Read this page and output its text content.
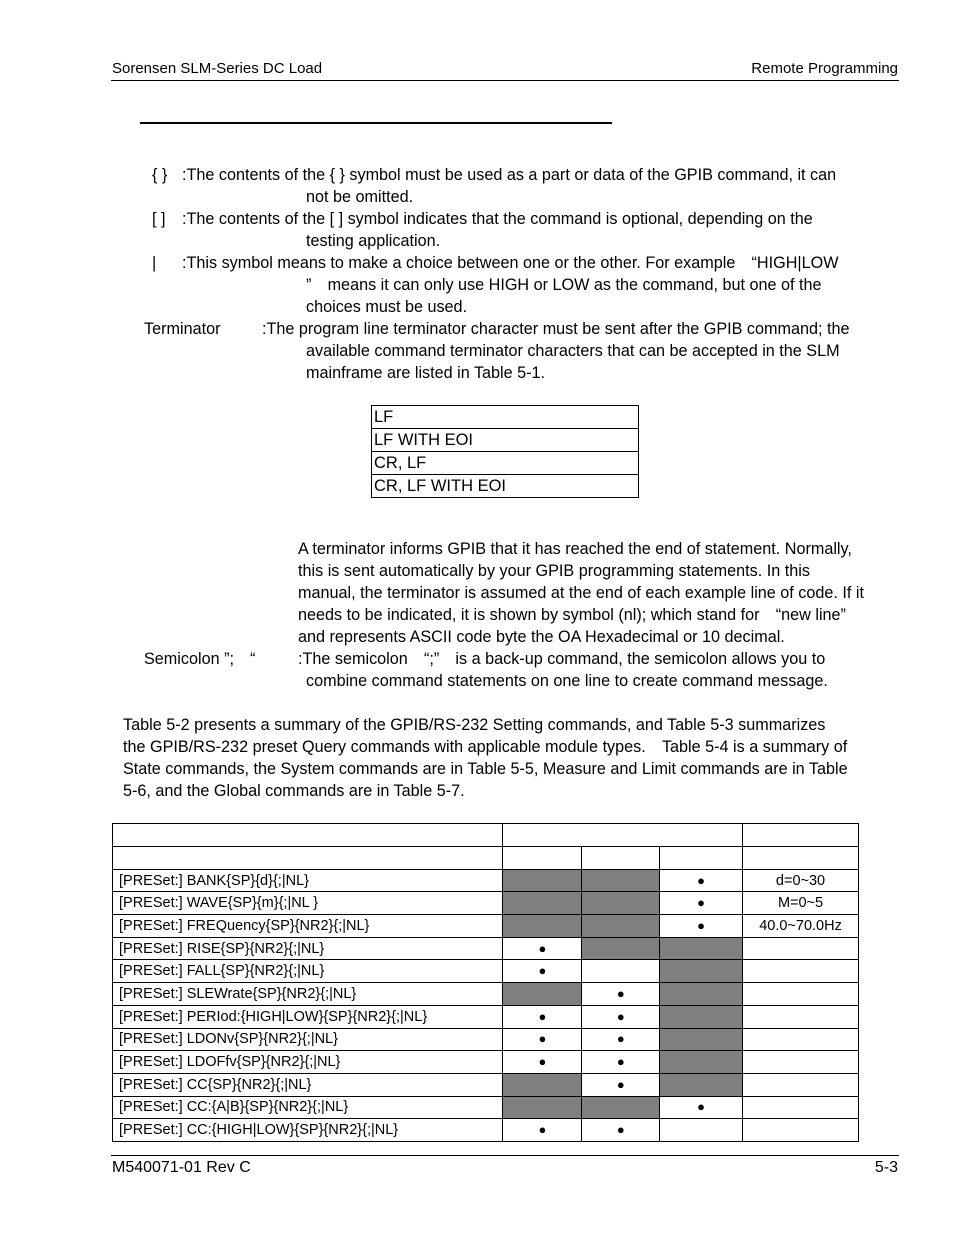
Sorensen SLM-Series DC Load	Remote Programming
{ } :The contents of the { } symbol must be used as a part or data of the GPIB command, it can
not be omitted.
[ ] :The contents of the [ ] symbol indicates that the command is optional, depending on the
testing application.
| :This symbol means to make a choice between one or the other. For example　“HIGH|LOW
”　means it can only use HIGH or LOW as the command, but one of the
choices must be used.
Terminator	:The program line terminator character must be sent after the GPIB command; the
available command terminator characters that can be accepted in the SLM
mainframe are listed in Table 5-1.
LF
LF WITH EOI
CR, LF
CR, LF WITH EOI
A terminator informs GPIB that it has reached the end of statement. Normally,
this is sent automatically by your GPIB programming statements. In this
manual, the terminator is assumed at the end of each example line of code. If it
needs to be indicated, it is shown by symbol (nl); which stand for　“new line”
and represents ASCII code byte the OA Hexadecimal or 10 decimal.
Semicolon ”;　“	:The semicolon　“;”　is a back-up command, the semicolon allows you to
combine command statements on one line to create command message.
Table 5-2 presents a summary of the GPIB/RS-232 Setting commands, and Table 5-3 summarizes
the GPIB/RS-232 preset Query commands with applicable module types.　Table 5-4 is a summary of
State commands, the System commands are in Table 5-5, Measure and Limit commands are in Table
5-6, and the Global commands are in Table 5-7.

[PRESet:] BANK{SP}{d}{;|NL}			●	d=0~30
[PRESet:] WAVE{SP}{m}{;|NL }			●	M=0~5
[PRESet:] FREQuency{SP}{NR2}{;|NL}			●	40.0~70.0Hz
[PRESet:] RISE{SP}{NR2}{;|NL}	●			
[PRESet:] FALL{SP}{NR2}{;|NL}	●			
[PRESet:] SLEWrate{SP}{NR2}{;|NL}		●		
[PRESet:] PERIod:{HIGH|LOW}{SP}{NR2}{;|NL}	●	●		
[PRESet:] LDONv{SP}{NR2}{;|NL}	●	●		
[PRESet:] LDOFfv{SP}{NR2}{;|NL}	●	●		
[PRESet:] CC{SP}{NR2}{;|NL}		●		
[PRESet:] CC:{A|B}{SP}{NR2}{;|NL}			●	
[PRESet:] CC:{HIGH|LOW}{SP}{NR2}{;|NL}	●	●		
M540071-01 Rev C	5-3
